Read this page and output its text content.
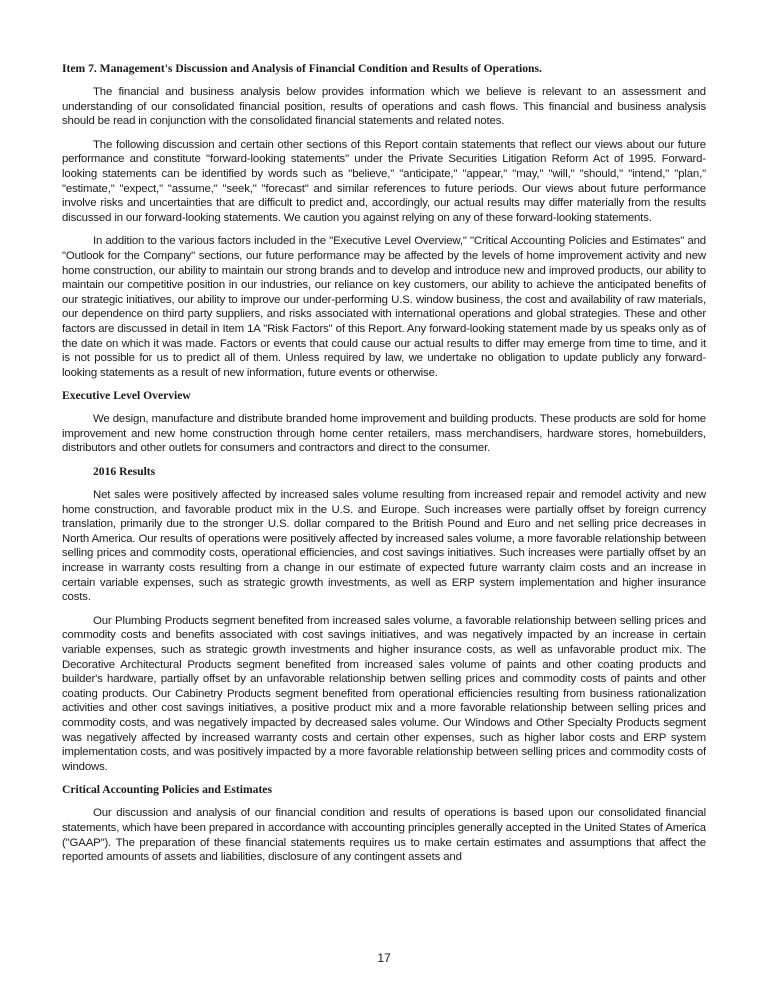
Item 7. Management's Discussion and Analysis of Financial Condition and Results of Operations.

The financial and business analysis below provides information which we believe is relevant to an assessment and understanding of our consolidated financial position, results of operations and cash flows. This financial and business analysis should be read in conjunction with the consolidated financial statements and related notes.

The following discussion and certain other sections of this Report contain statements that reflect our views about our future performance and constitute "forward-looking statements" under the Private Securities Litigation Reform Act of 1995. Forward-looking statements can be identified by words such as "believe," "anticipate," "appear," "may," "will," "should," "intend," "plan," "estimate," "expect," "assume," "seek," "forecast" and similar references to future periods. Our views about future performance involve risks and uncertainties that are difficult to predict and, accordingly, our actual results may differ materially from the results discussed in our forward-looking statements. We caution you against relying on any of these forward-looking statements.

In addition to the various factors included in the "Executive Level Overview," "Critical Accounting Policies and Estimates" and "Outlook for the Company" sections, our future performance may be affected by the levels of home improvement activity and new home construction, our ability to maintain our strong brands and to develop and introduce new and improved products, our ability to maintain our competitive position in our industries, our reliance on key customers, our ability to achieve the anticipated benefits of our strategic initiatives, our ability to improve our under-performing U.S. window business, the cost and availability of raw materials, our dependence on third party suppliers, and risks associated with international operations and global strategies. These and other factors are discussed in detail in Item 1A "Risk Factors" of this Report. Any forward-looking statement made by us speaks only as of the date on which it was made. Factors or events that could cause our actual results to differ may emerge from time to time, and it is not possible for us to predict all of them. Unless required by law, we undertake no obligation to update publicly any forward-looking statements as a result of new information, future events or otherwise.

Executive Level Overview

We design, manufacture and distribute branded home improvement and building products. These products are sold for home improvement and new home construction through home center retailers, mass merchandisers, hardware stores, homebuilders, distributors and other outlets for consumers and contractors and direct to the consumer.

2016 Results

Net sales were positively affected by increased sales volume resulting from increased repair and remodel activity and new home construction, and favorable product mix in the U.S. and Europe. Such increases were partially offset by foreign currency translation, primarily due to the stronger U.S. dollar compared to the British Pound and Euro and net selling price decreases in North America. Our results of operations were positively affected by increased sales volume, a more favorable relationship between selling prices and commodity costs, operational efficiencies, and cost savings initiatives. Such increases were partially offset by an increase in warranty costs resulting from a change in our estimate of expected future warranty claim costs and an increase in certain variable expenses, such as strategic growth investments, as well as ERP system implementation and higher insurance costs.

Our Plumbing Products segment benefited from increased sales volume, a favorable relationship between selling prices and commodity costs and benefits associated with cost savings initiatives, and was negatively impacted by an increase in certain variable expenses, such as strategic growth investments and higher insurance costs, as well as unfavorable product mix. The Decorative Architectural Products segment benefited from increased sales volume of paints and other coating products and builder's hardware, partially offset by an unfavorable relationship betwen selling prices and commodity costs of paints and other coating products. Our Cabinetry Products segment benefited from operational efficiencies resulting from business rationalization activities and other cost savings initiatives, a positive product mix and a more favorable relationship between selling prices and commodity costs, and was negatively impacted by decreased sales volume. Our Windows and Other Specialty Products segment was negatively affected by increased warranty costs and certain other expenses, such as higher labor costs and ERP system implementation costs, and was positively impacted by a more favorable relationship between selling prices and commodity costs of windows.

Critical Accounting Policies and Estimates

Our discussion and analysis of our financial condition and results of operations is based upon our consolidated financial statements, which have been prepared in accordance with accounting principles generally accepted in the United States of America ("GAAP"). The preparation of these financial statements requires us to make certain estimates and assumptions that affect the reported amounts of assets and liabilities, disclosure of any contingent assets and

17
